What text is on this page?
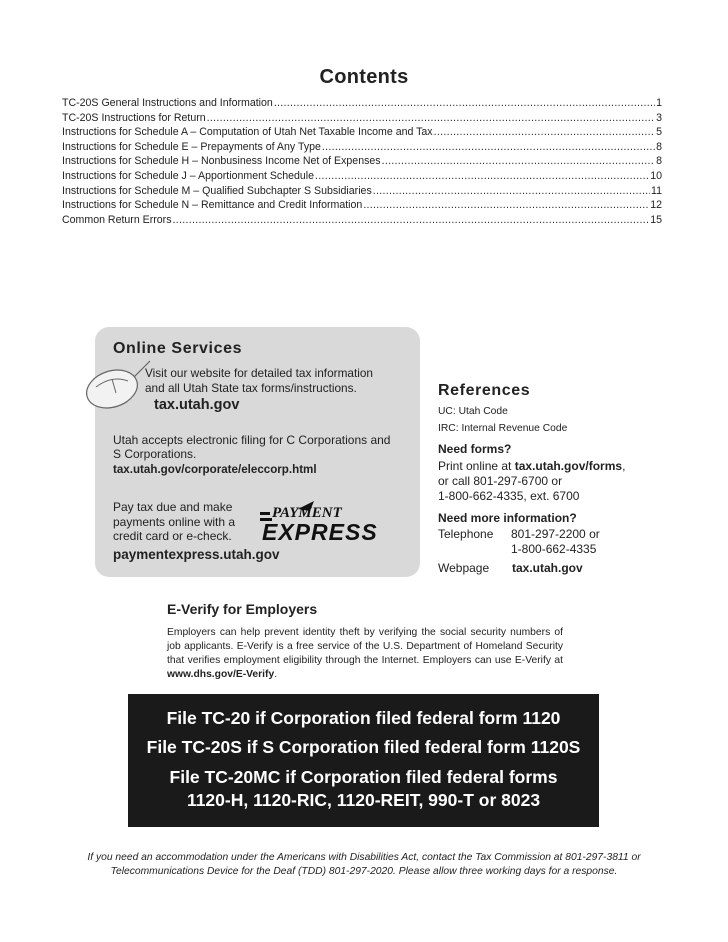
Contents
TC-20S General Instructions and Information .....	1
TC-20S Instructions for Return .....	3
Instructions for Schedule A – Computation of Utah Net Taxable Income and Tax .....	5
Instructions for Schedule E – Prepayments of Any Type .....	8
Instructions for Schedule H – Nonbusiness Income Net of Expenses .....	8
Instructions for Schedule J – Apportionment Schedule .....	10
Instructions for Schedule M – Qualified Subchapter S Subsidiaries .....	11
Instructions for Schedule N – Remittance and Credit Information .....	12
Common Return Errors .....	15
Online Services
Visit our website for detailed tax information
and all Utah State tax forms/instructions.
tax.utah.gov
Utah accepts electronic filing for C Corporations and S Corporations.
tax.utah.gov/corporate/eleccorp.html
Pay tax due and make payments online with a credit card or e-check.
PAYMENT
EXPRESS
paymentexpress.utah.gov
References
UC: Utah Code
IRC: Internal Revenue Code
Need forms?
Print online at tax.utah.gov/forms,
or call 801-297-6700 or
1-800-662-4335, ext. 6700
Need more information?
Telephone 801-297-2200 or
1-800-662-4335
Webpage tax.utah.gov
E-Verify for Employers
Employers can help prevent identity theft by verifying the social security numbers of job applicants. E-Verify is a free service of the U.S. Department of Homeland Security that verifies employment eligibility through the Internet. Employers can use E-Verify at www.dhs.gov/E-Verify.
File TC-20 if Corporation filed federal form 1120
File TC-20S if S Corporation filed federal form 1120S
File TC-20MC if Corporation filed federal forms
1120-H, 1120-RIC, 1120-REIT, 990-T or 8023
If you need an accommodation under the Americans with Disabilities Act, contact the Tax Commission at 801-297-3811 or
Telecommunications Device for the Deaf (TDD) 801-297-2020. Please allow three working days for a response.
